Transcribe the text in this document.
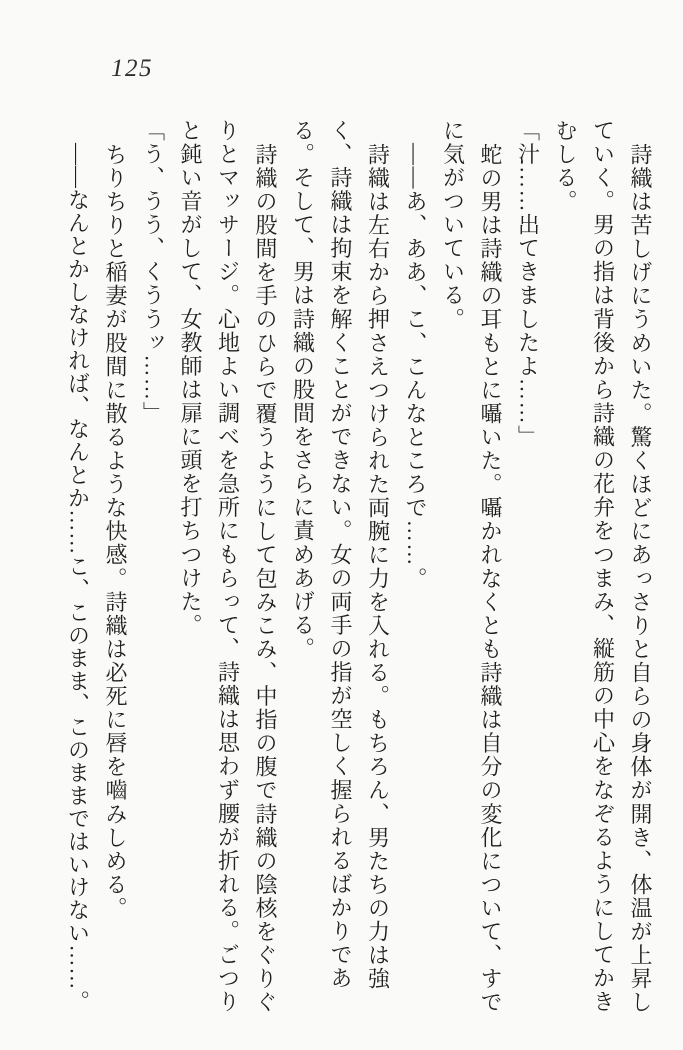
125

詩織は苦しげにうめいた。驚くほどにあっさりと自らの身体が開き、体温が上昇していく。男の指は背後から詩織の花弁をつまみ、縦筋の中心をなぞるようにしてかきむしる。

「汁……出てきましたよ……」

蛇の男は詩織の耳もとに囁いた。囁かれなくとも詩織は自分の変化について、すでに気がついている。

——あ、ああ、こ、こんなところで……。

詩織は左右から押さえつけられた両腕に力を入れる。もちろん、男たちの力は強く、詩織は拘束を解くことができない。女の両手の指が空しく握られるばかりである。そして、男は詩織の股間をさらに責めあげる。

詩織の股間を手のひらで覆うようにして包みこみ、中指の腹で詩織の陰核をぐりぐりとマッサージ。心地よい調べを急所にもらって、詩織は思わず腰が折れる。ごつりと鈍い音がして、女教師は扉に頭を打ちつけた。

「う、うう、くううッ……」

ちりちりと稲妻が股間に散るような快感。詩織は必死に唇を嚙みしめる。

——なんとかしなければ、なんとか……こ、このまま、このままではいけない……。
